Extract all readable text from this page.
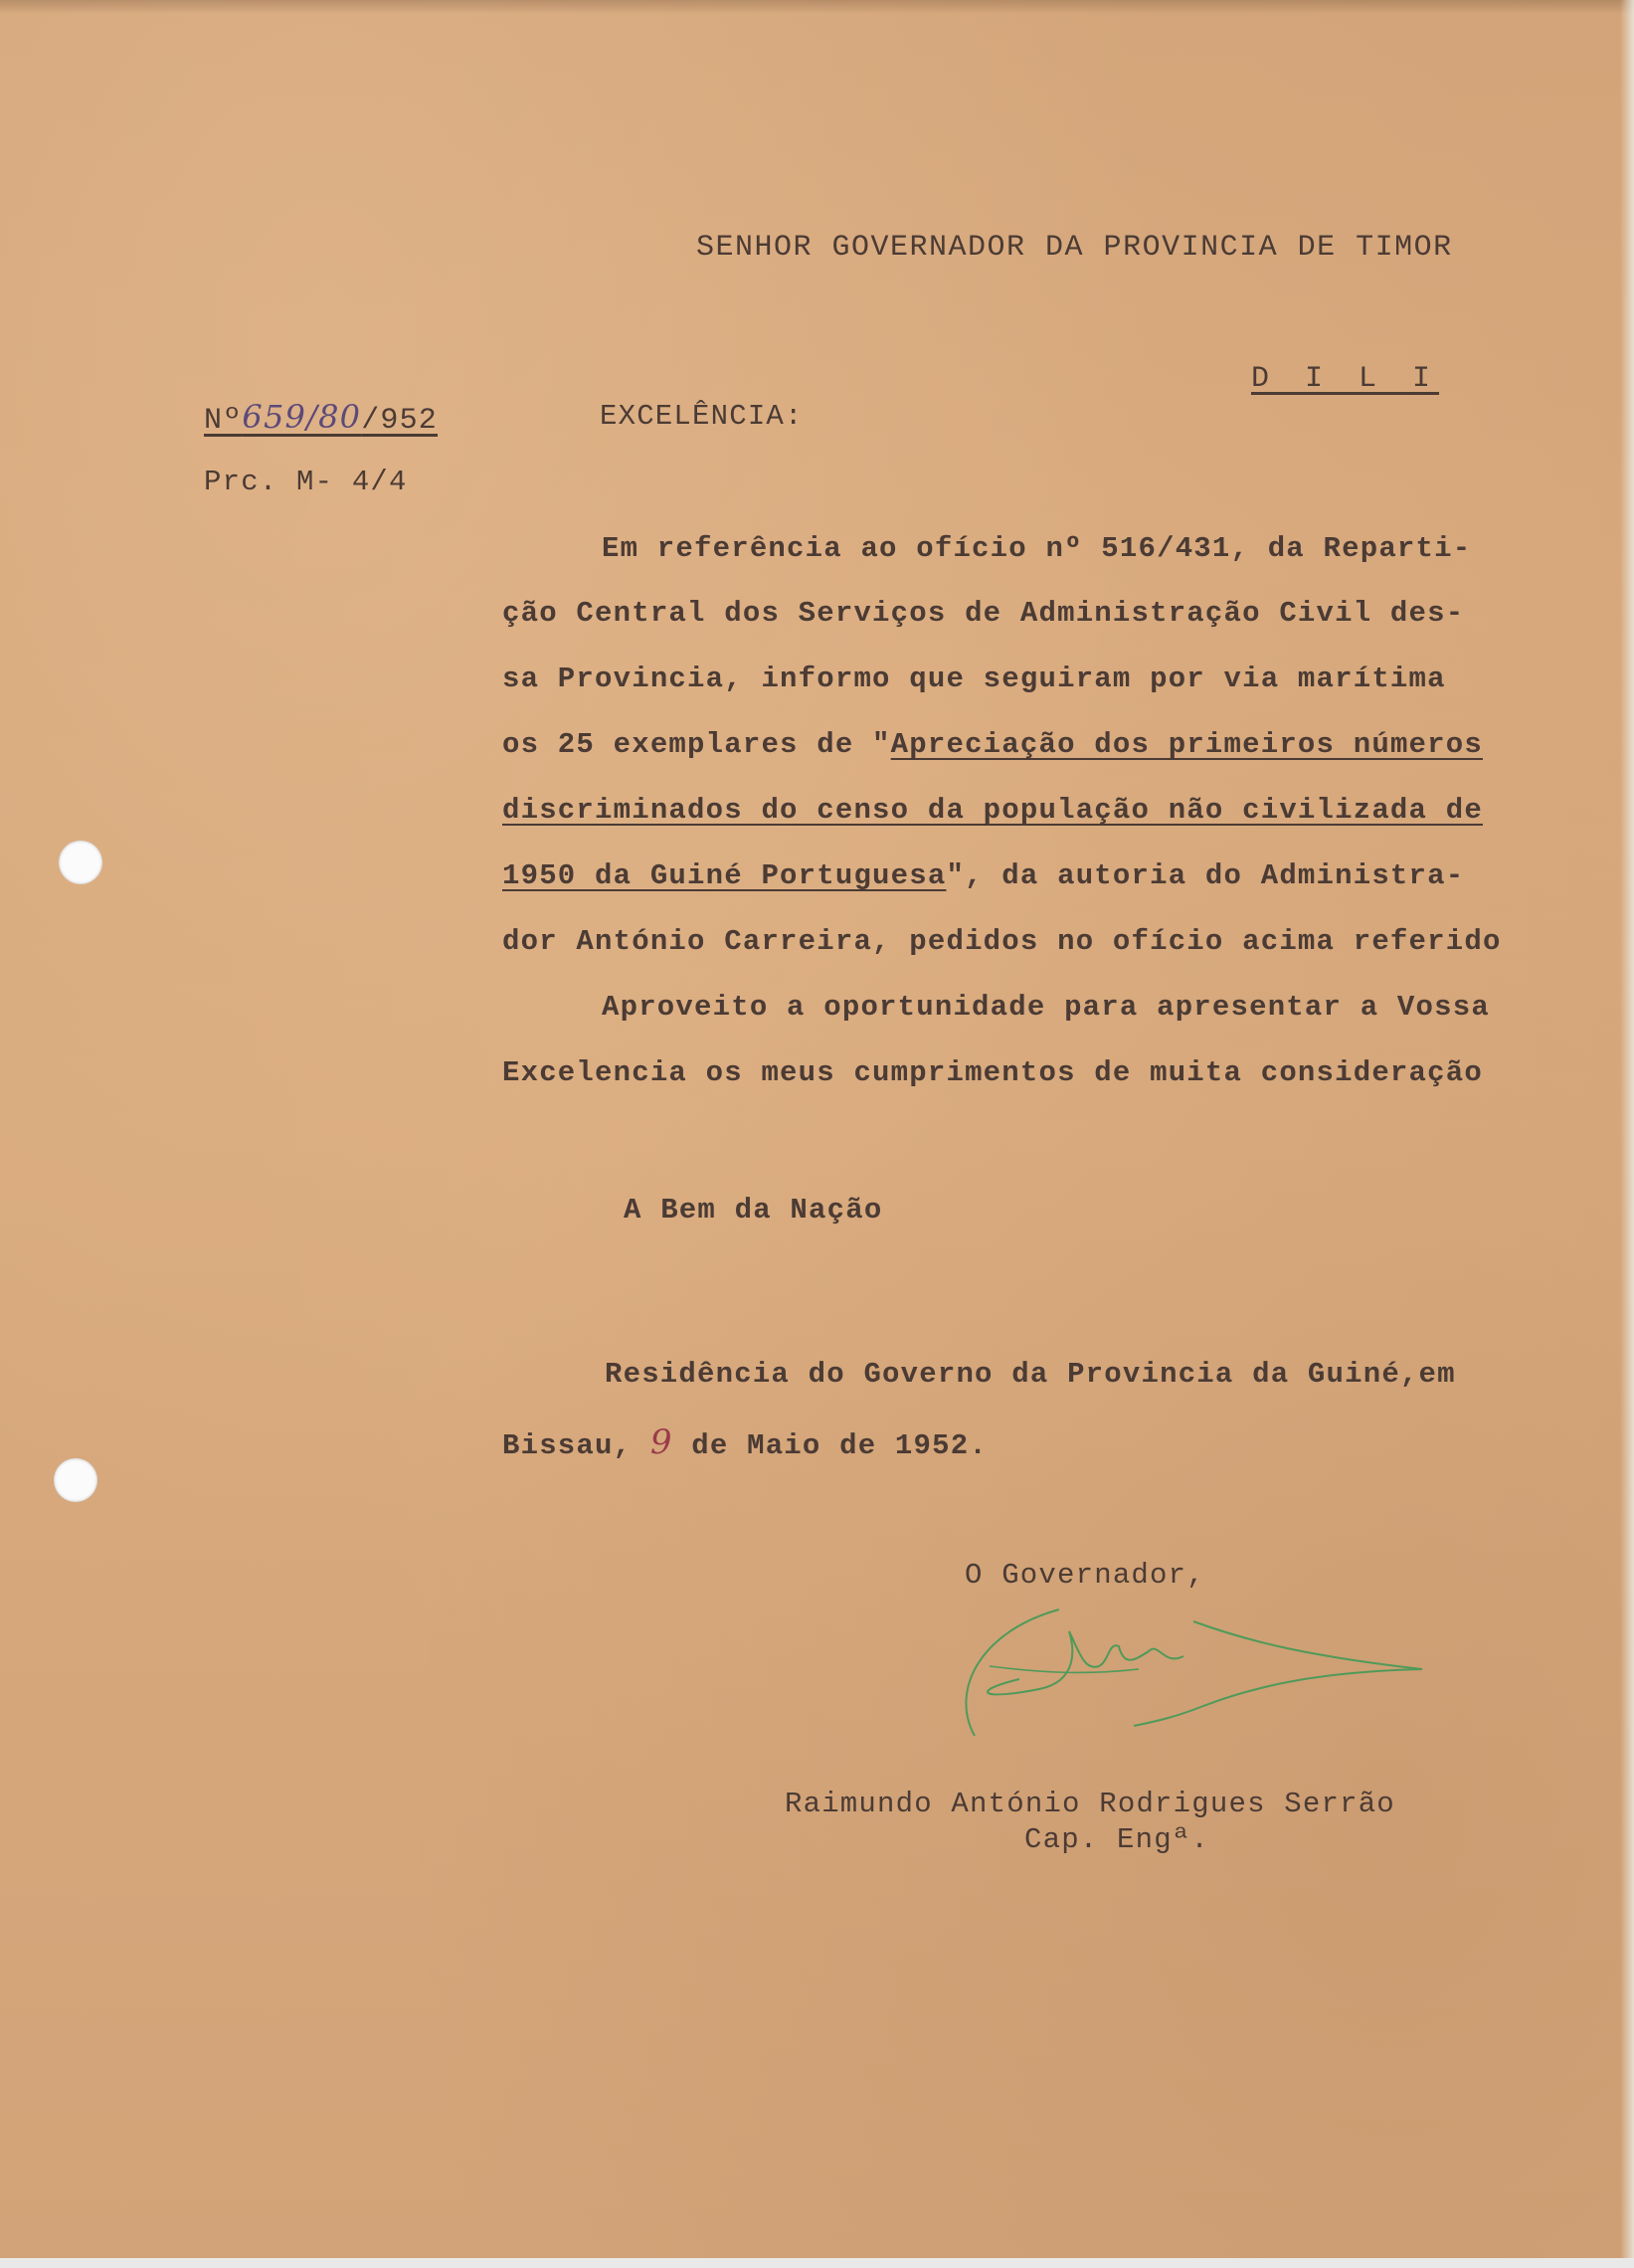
SENHOR GOVERNADOR DA PROVINCIA DE TIMOR
D I L I
Nº659/80/952
Prc. M- 4/4
EXCELÊNCIA:
Em referência ao ofício nº 516/431, da Reparti-
ção Central dos Serviços de Administração Civil des-
sa Provincia, informo que seguiram por via marítima
os 25 exemplares de "Apreciação dos primeiros números
discriminados do censo da população não civilizada de
1950 da Guiné Portuguesa", da autoria do Administra-
dor António Carreira, pedidos no ofício acima referido
Aproveito a oportunidade para apresentar a Vossa
Excelencia os meus cumprimentos de muita consideração
A Bem da Nação
Residência do Governo da Provincia da Guiné,em
Bissau, 9 de Maio de 1952.
O Governador,
Raimundo António Rodrigues Serrão
Cap. Engª.
